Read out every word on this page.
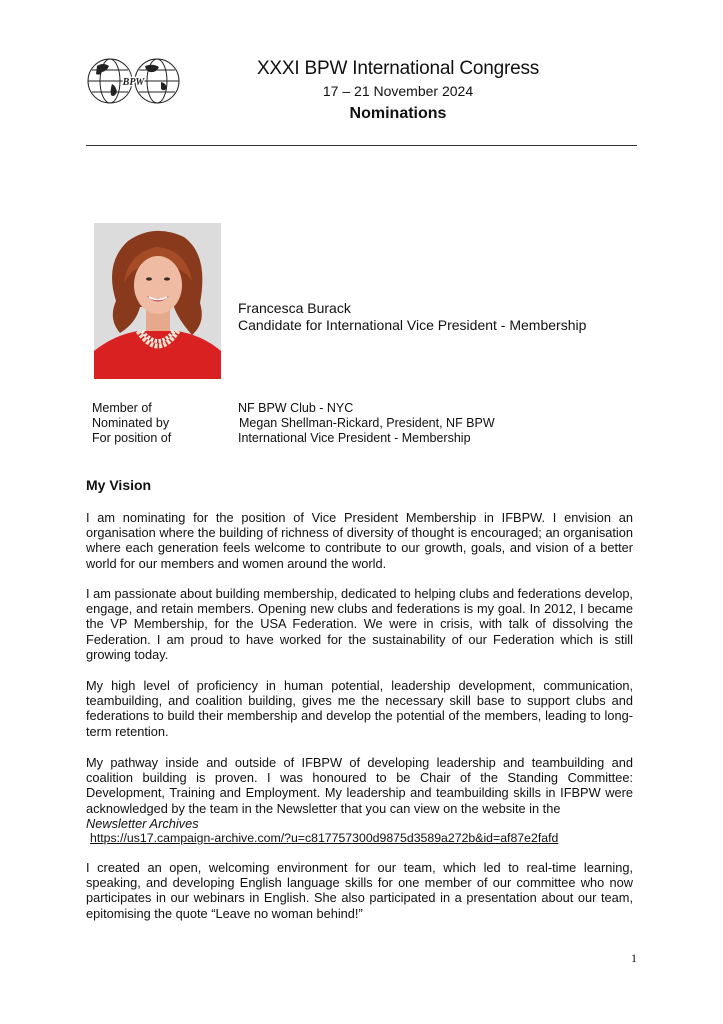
BPW
XXXI BPW International Congress
17 – 21 November 2024
Nominations
Francesca Burack
Candidate for International Vice President - Membership
Member of	NF BPW Club - NYC
Nominated by	Megan Shellman-Rickard, President, NF BPW
For position of	International Vice President - Membership
My Vision
I am nominating for the position of Vice President Membership in IFBPW. I envision an organisation where the building of richness of diversity of thought is encouraged; an organisation where each generation feels welcome to contribute to our growth, goals, and vision of a better world for our members and women around the world.
I am passionate about building membership, dedicated to helping clubs and federations develop, engage, and retain members. Opening new clubs and federations is my goal. In 2012, I became the VP Membership, for the USA Federation. We were in crisis, with talk of dissolving the Federation. I am proud to have worked for the sustainability of our Federation which is still growing today.
My high level of proficiency in human potential, leadership development, communication, teambuilding, and coalition building, gives me the necessary skill base to support clubs and federations to build their membership and develop the potential of the members, leading to long-term retention.
My pathway inside and outside of IFBPW of developing leadership and teambuilding and coalition building is proven. I was honoured to be Chair of the Standing Committee: Development, Training and Employment. My leadership and teambuilding skills in IFBPW were acknowledged by the team in the Newsletter that you can view on the website in the
Newsletter Archives
https://us17.campaign-archive.com/?u=c817757300d9875d3589a272b&id=af87e2fafd
I created an open, welcoming environment for our team, which led to real-time learning, speaking, and developing English language skills for one member of our committee who now participates in our webinars in English. She also participated in a presentation about our team, epitomising the quote “Leave no woman behind!”
1
